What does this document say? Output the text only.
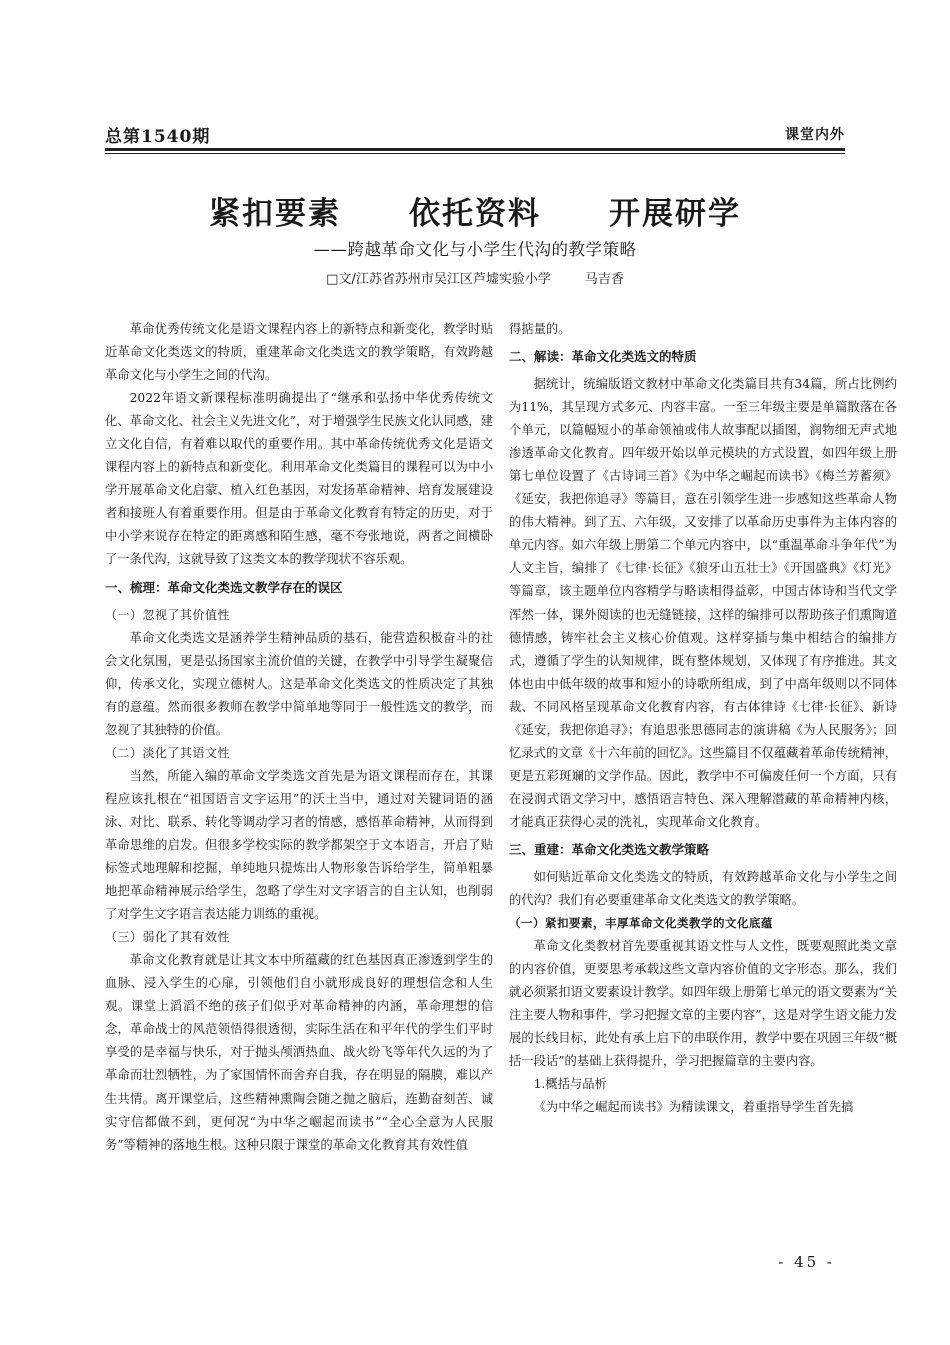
总第1540期	课堂内外
紧扣要素 依托资料 开展研学
——跨越革命文化与小学生代沟的教学策略
□文/江苏省苏州市吴江区芦墟实验小学	马吉香

革命优秀传统文化是语文课程内容上的新特点和新变化，教学时贴近革命文化类选文的特质，重建革命文化类选文的教学策略，有效跨越革命文化与小学生之间的代沟。

2022年语文新课程标准明确提出了“继承和弘扬中华优秀传统文化、革命文化、社会主义先进文化”，对于增强学生民族文化认同感，建立文化自信，有着难以取代的重要作用。其中革命传统优秀文化是语文课程内容上的新特点和新变化。利用革命文化类篇目的课程可以为中小学开展革命文化启蒙、植入红色基因，对发扬革命精神、培育发展建设者和接班人有着重要作用。但是由于革命文化教育有特定的历史，对于中小学来说存在特定的距离感和陌生感，毫不夸张地说，两者之间横卧了一条代沟，这就导致了这类文本的教学现状不容乐观。

一、梳理：革命文化类选文教学存在的误区
（一）忽视了其价值性

革命文化类选文是涵养学生精神品质的基石，能营造积极奋斗的社会文化氛围，更是弘扬国家主流价值的关键，在教学中引导学生凝聚信仰，传承文化，实现立德树人。这是革命文化类选文的性质决定了其独有的意蕴。然而很多教师在教学中简单地等同于一般性选文的教学，而忽视了其独特的价值。

（二）淡化了其语文性

当然，所能入编的革命文学类选文首先是为语文课程而存在，其课程应该扎根在“祖国语言文字运用”的沃土当中，通过对关键词语的涵泳、对比、联系、转化等调动学习者的情感，感悟革命精神，从而得到革命思维的启发。但很多学校实际的教学都架空于文本语言，开启了贴标签式地理解和挖掘，单纯地只提炼出人物形象告诉给学生，简单粗暴地把革命精神展示给学生，忽略了学生对文字语言的自主认知，也削弱了对学生文字语言表达能力训练的重视。

（三）弱化了其有效性

革命文化教育就是让其文本中所蕴藏的红色基因真正渗透到学生的血脉、浸入学生的心扉，引领他们自小就形成良好的理想信念和人生观。课堂上滔滔不绝的孩子们似乎对革命精神的内涵，革命理想的信念，革命战士的风范领悟得很透彻，实际生活在和平年代的学生们平时享受的是幸福与快乐，对于抛头颅洒热血、战火纷飞等年代久远的为了革命而壮烈牺牲，为了家国情怀而舍弃自我，存在明显的隔膜，难以产生共情。离开课堂后，这些精神熏陶会随之抛之脑后，连勤奋刻苦、诚实守信都做不到，更何况“为中华之崛起而读书”“全心全意为人民服务”等精神的落地生根。这种只限于课堂的革命文化教育其有效性值

得掂量的。

二、解读：革命文化类选文的特质

据统计，统编版语文教材中革命文化类篇目共有34篇，所占比例约为11%，其呈现方式多元、内容丰富。一至三年级主要是单篇散落在各个单元，以篇幅短小的革命领袖或伟人故事配以插图，润物细无声式地渗透革命文化教育。四年级开始以单元模块的方式设置，如四年级上册第七单位设置了《古诗词三首》《为中华之崛起而读书》《梅兰芳蓄须》《延安，我把你追寻》等篇目，意在引领学生进一步感知这些革命人物的伟大精神。到了五、六年级，又安排了以革命历史事件为主体内容的单元内容。如六年级上册第二个单元内容中，以“重温革命斗争年代”为人文主旨，编排了《七律·长征》《狼牙山五壮士》《开国盛典》《灯光》等篇章，该主题单位内容精学与略读相得益彰，中国古体诗和当代文学浑然一体，课外阅读的也无缝链接，这样的编排可以帮助孩子们熏陶道德情感，铸牢社会主义核心价值观。这样穿插与集中相结合的编排方式，遵循了学生的认知规律，既有整体规划，又体现了有序推进。其文体也由中低年级的故事和短小的诗歌所组成，到了中高年级则以不同体裁、不同风格呈现革命文化教育内容，有古体律诗《七律·长征》、新诗《延安，我把你追寻》；有追思张思德同志的演讲稿《为人民服务》；回忆录式的文章《十六年前的回忆》。这些篇目不仅蕴藏着革命传统精神，更是五彩斑斓的文学作品。因此，教学中不可偏废任何一个方面，只有在浸润式语文学习中，感悟语言特色、深入理解潜藏的革命精神内核，才能真正获得心灵的洗礼，实现革命文化教育。

三、重建：革命文化类选文教学策略

如何贴近革命文化类选文的特质，有效跨越革命文化与小学生之间的代沟？我们有必要重建革命文化类选文的教学策略。

（一）紧扣要素，丰厚革命文化类教学的文化底蕴

革命文化类教材首先要重视其语文性与人文性，既要观照此类文章的内容价值，更要思考承载这些文章内容价值的文字形态。那么，我们就必须紧扣语文要素设计教学。如四年级上册第七单元的语文要素为“关注主要人物和事件，学习把握文章的主要内容”，这是对学生语文能力发展的长线目标，此处有承上启下的串联作用，教学中要在巩固三年级“概括一段话”的基础上获得提升，学习把握篇章的主要内容。

1.概括与品析

《为中华之崛起而读书》为精读课文，着重指导学生首先搞

- 45 -
